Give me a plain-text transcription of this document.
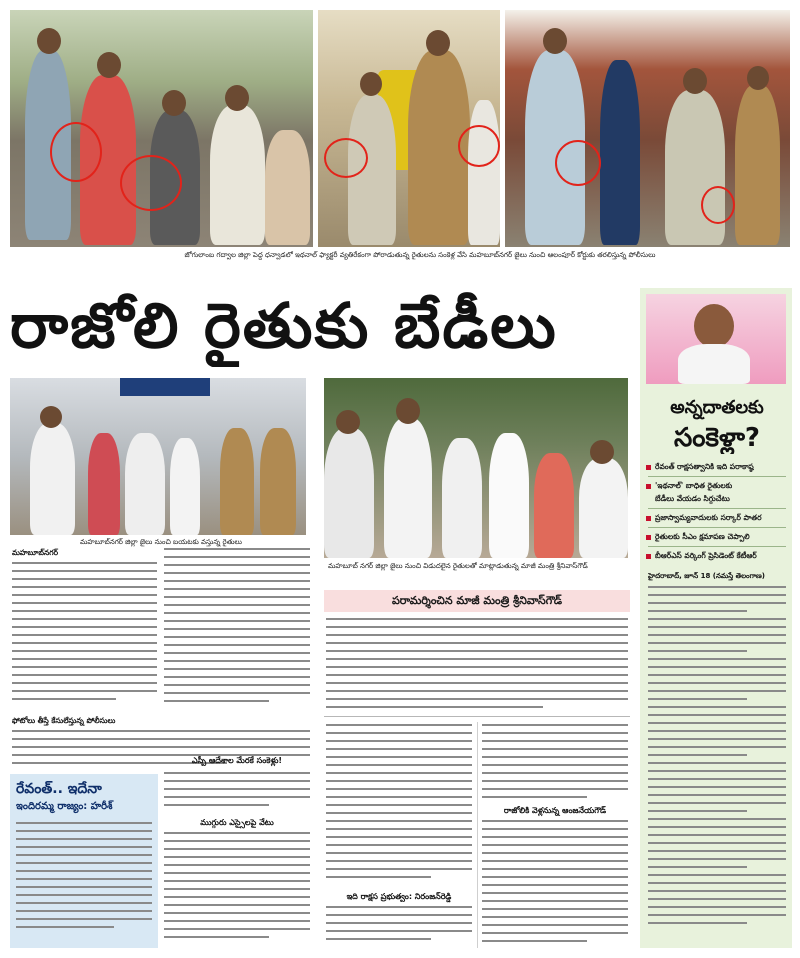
జోగులాంబ గద్వాల జిల్లా పెద్ద ధన్వాడలో ఇథనాల్ ఫ్యాక్టరీ వ్యతిరేకంగా పోరాడుతున్న రైతులను సంకెళ్ల వేసి మహబూబ్‌నగర్ జైలు నుంచి ఆలంపూర్ కోర్టుకు తరలిస్తున్న పోలీసులు
రాజోలి రైతుకు బేడీలు
అన్నదాతలకు
సంకెళ్లా?
రేవంత్ రాక్షసత్వానికి ఇది పరాకాష్ఠ
'ఇథనాల్' బాధిత రైతులకు
బేడీలు వేయడం సిగ్గుచేటు
ప్రజాస్వామ్యవాదులకు సర్కార్ పాతర
రైతులకు సీఎం క్షమాపణ చెప్పాలి
బీఆర్‌ఎస్ వర్కింగ్ ప్రెసిడెంట్ కేటీఆర్
హైదరాబాద్, జూన్ 18 (నమస్తే తెలంగాణ)
మహబూబ్‌నగర్ జిల్లా జైలు నుంచి బయటకు వస్తున్న రైతులు
మహబూబ్ నగర్ జిల్లా జైలు నుంచి విడుదలైన రైతులతో మాట్లాడుతున్న మాజీ మంత్రి శ్రీనివాస్‌గౌడ్
మహబూబ్‌నగర్
ఫోటోలు తీస్తే కేసులేస్తున్న పోలీసులు
ఎస్పీ ఆదేశాల మేరకే సంకెళ్లు!
రేవంత్.. ఇదేనా
ఇందిరమ్మ రాజ్యం: హరీశ్
ముగ్గురు ఎస్సైలపై వేటు
పరామర్శించిన మాజీ మంత్రి శ్రీనివాస్‌గౌడ్
రాజోలికి వెళ్లనున్న ఆంజనేయగౌడ్
ఇది రాక్షస ప్రభుత్వం: నిరంజన్‌రెడ్డి
